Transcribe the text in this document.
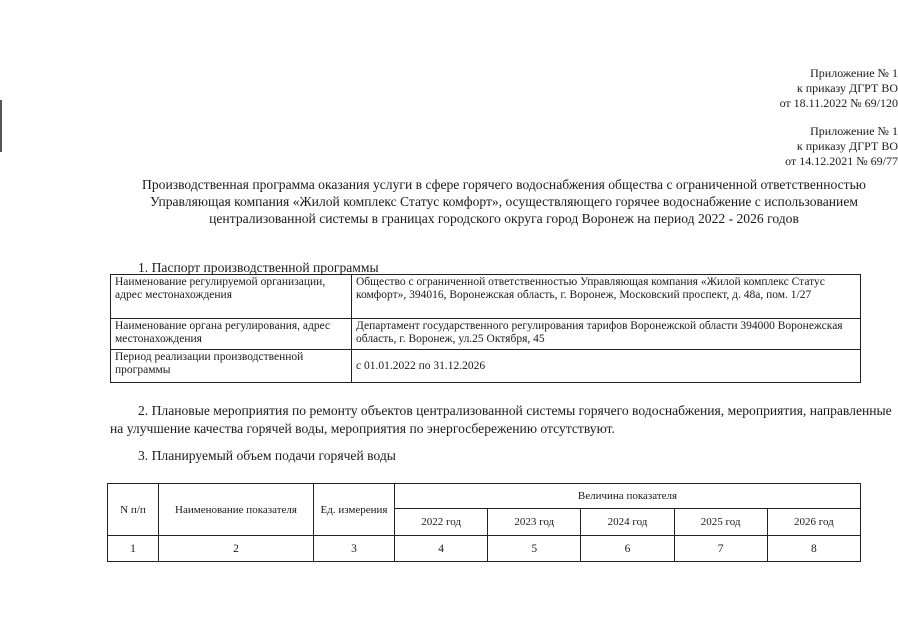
Приложение № 1
к приказу ДГРТ ВО
от 18.11.2022 № 69/120
Приложение № 1
к приказу ДГРТ ВО
от 14.12.2021 № 69/77
Производственная программа оказания услуги в сфере горячего водоснабжения общества с ограниченной ответственностью Управляющая компания «Жилой комплекс Статус комфорт», осуществляющего горячее водоснабжение с использованием централизованной системы в границах городского округа город Воронеж на период 2022 - 2026 годов
1. Паспорт производственной программы
Наименование регулируемой организации, адрес местонахождения	Общество с ограниченной ответственностью Управляющая компания «Жилой комплекс Статус комфорт», 394016, Воронежская область, г. Воронеж, Московский проспект, д. 48а, пом. 1/27
Наименование органа регулирования, адрес местонахождения	Департамент государственного регулирования тарифов Воронежской области 394000 Воронежская область, г. Воронеж, ул.25 Октября, 45
Период реализации производственной программы	с 01.01.2022 по 31.12.2026
2. Плановые мероприятия по ремонту объектов централизованной системы горячего водоснабжения, мероприятия, направленные на улучшение качества горячей воды, мероприятия по энергосбережению отсутствуют.
3. Планируемый объем подачи горячей воды
N п/п	Наименование показателя	Ед. измерения	Величина показателя				
			2022 год	2023 год	2024 год	2025 год	2026 год
1	2	3	4	5	6	7	8
